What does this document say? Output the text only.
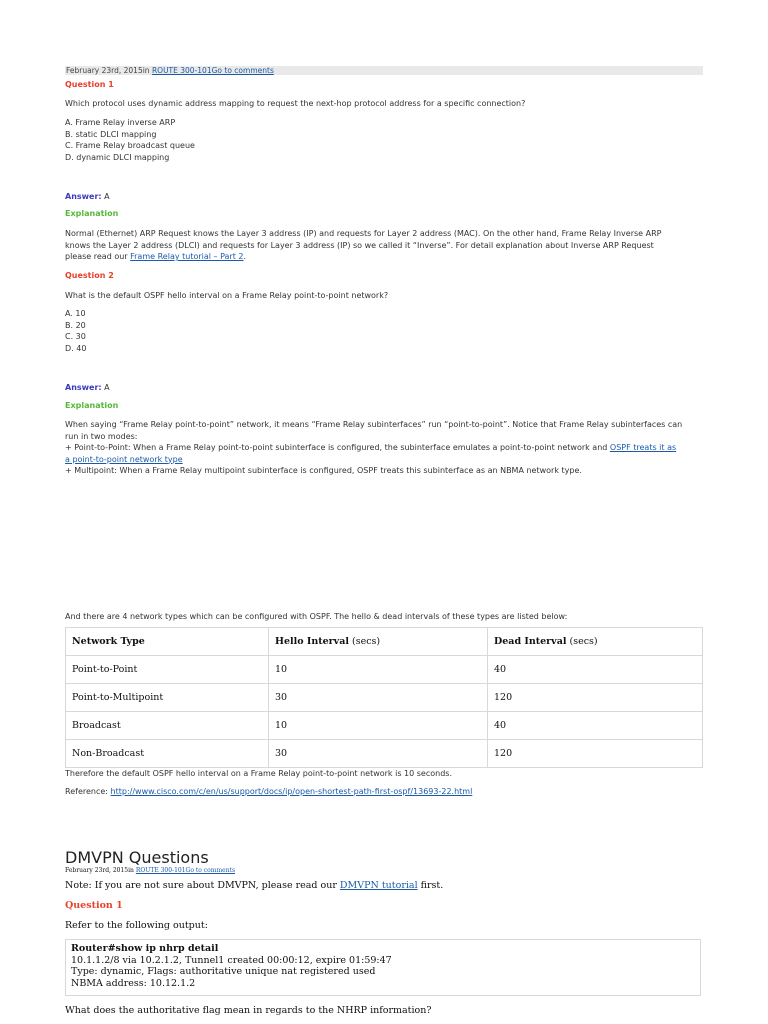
February 23rd, 2015in ROUTE 300-101Go to comments
Question 1
Which protocol uses dynamic address mapping to request the next-hop protocol address for a specific connection?
A. Frame Relay inverse ARP
B. static DLCI mapping
C. Frame Relay broadcast queue
D. dynamic DLCI mapping
Answer: A
Explanation
Normal (Ethernet) ARP Request knows the Layer 3 address (IP) and requests for Layer 2 address (MAC). On the other hand, Frame Relay Inverse ARP
knows the Layer 2 address (DLCI) and requests for Layer 3 address (IP) so we called it “Inverse”. For detail explanation about Inverse ARP Request
please read our Frame Relay tutorial – Part 2.
Question 2
What is the default OSPF hello interval on a Frame Relay point-to-point network?
A. 10
B. 20
C. 30
D. 40
Answer: A
Explanation
When saying “Frame Relay point-to-point” network, it means “Frame Relay subinterfaces” run “point-to-point”. Notice that Frame Relay subinterfaces can
run in two modes:
+ Point-to-Point: When a Frame Relay point-to-point subinterface is configured, the subinterface emulates a point-to-point network and OSPF treats it as
a point-to-point network type
+ Multipoint: When a Frame Relay multipoint subinterface is configured, OSPF treats this subinterface as an NBMA network type.
And there are 4 network types which can be configured with OSPF. The hello & dead intervals of these types are listed below:
Network Type	Hello Interval (secs)	Dead Interval (secs)
Point-to-Point	10	40
Point-to-Multipoint	30	120
Broadcast	10	40
Non-Broadcast	30	120
Therefore the default OSPF hello interval on a Frame Relay point-to-point network is 10 seconds.
Reference: http://www.cisco.com/c/en/us/support/docs/ip/open-shortest-path-first-ospf/13693-22.html
DMVPN Questions
February 23rd, 2015in ROUTE 300-101Go to comments
Note: If you are not sure about DMVPN, please read our DMVPN tutorial first.
Question 1
Refer to the following output:
Router#show ip nhrp detail
10.1.1.2/8 via 10.2.1.2, Tunnel1 created 00:00:12, expire 01:59:47
Type: dynamic, Flags: authoritative unique nat registered used
NBMA address: 10.12.1.2
What does the authoritative flag mean in regards to the NHRP information?
